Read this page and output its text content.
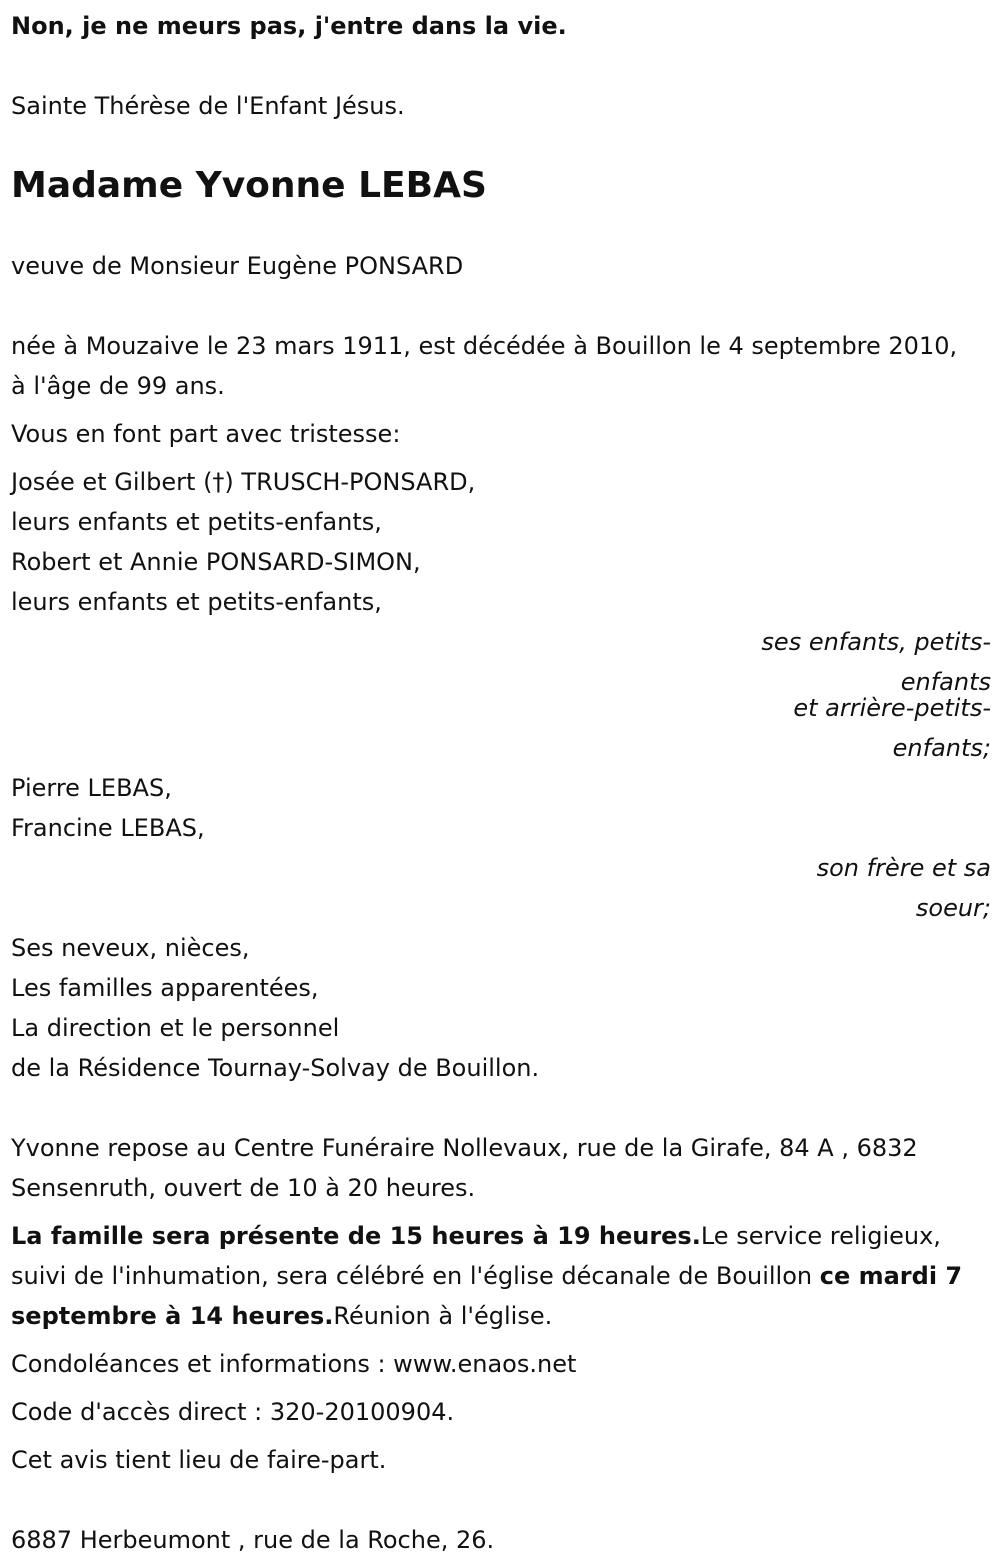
Non, je ne meurs pas, j'entre dans la vie.

Sainte Thérèse de l'Enfant Jésus.

Madame Yvonne LEBAS

veuve de Monsieur Eugène PONSARD

née à Mouzaive le 23 mars 1911, est décédée à Bouillon le 4 septembre 2010, à l'âge de 99 ans.

Vous en font part avec tristesse:

Josée et Gilbert (†) TRUSCH-PONSARD,

leurs enfants et petits-enfants,

Robert et Annie PONSARD-SIMON,

leurs enfants et petits-enfants,

ses enfants, petits-enfants

et arrière-petits-enfants;

Pierre LEBAS,

Francine LEBAS,

son frère et sa soeur;

Ses neveux, nièces,

Les familles apparentées,

La direction et le personnel

de la Résidence Tournay-Solvay de Bouillon.

Yvonne repose au Centre Funéraire Nollevaux, rue de la Girafe, 84 A , 6832 Sensenruth, ouvert de 10 à 20 heures.

La famille sera présente de 15 heures à 19 heures.Le service religieux, suivi de l'inhumation, sera célébré en l'église décanale de Bouillon ce mardi 7 septembre à 14 heures.Réunion à l'église.

Condoléances et informations : www.enaos.net

Code d'accès direct : 320-20100904.

Cet avis tient lieu de faire-part.

6887 Herbeumont , rue de la Roche, 26.
